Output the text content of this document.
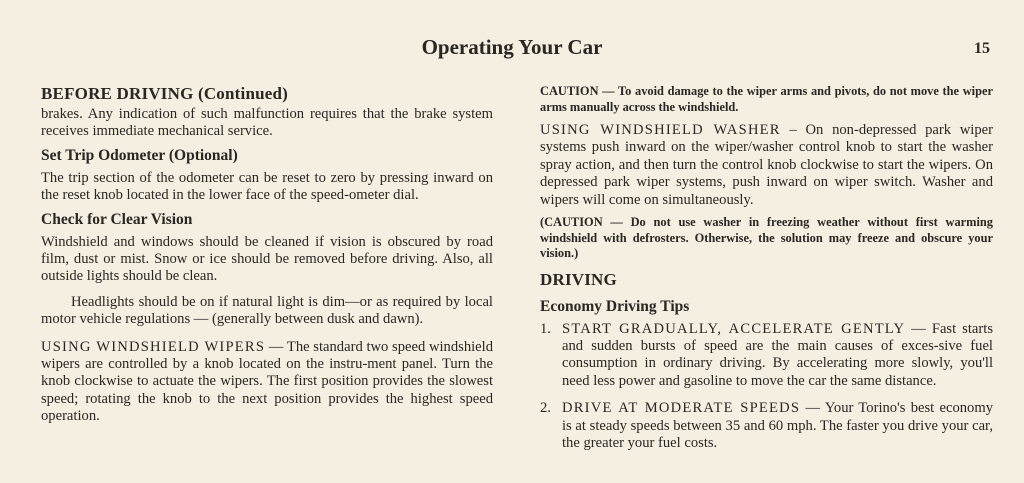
Operating Your Car	15
BEFORE DRIVING (Continued)

brakes. Any indication of such malfunction requires that the brake system receives immediate mechanical service.

Set Trip Odometer (Optional)

The trip section of the odometer can be reset to zero by pressing inward on the reset knob located in the lower face of the speed-ometer dial.

Check for Clear Vision

Windshield and windows should be cleaned if vision is obscured by road film, dust or mist. Snow or ice should be removed before driving. Also, all outside lights should be clean.

Headlights should be on if natural light is dim—or as required by local motor vehicle regulations — (generally between dusk and dawn).

USING WINDSHIELD WIPERS — The standard two speed windshield wipers are controlled by a knob located on the instru-ment panel. Turn the knob clockwise to actuate the wipers. The first position provides the slowest speed; rotating the knob to the next position provides the highest speed operation.

CAUTION — To avoid damage to the wiper arms and pivots, do not move the wiper arms manually across the windshield.

USING WINDSHIELD WASHER – On non-depressed park wiper systems push inward on the wiper/washer control knob to start the washer spray action, and then turn the control knob clockwise to start the wipers. On depressed park wiper systems, push inward on wiper switch. Washer and wipers will come on simultaneously.

(CAUTION — Do not use washer in freezing weather without first warming windshield with defrosters. Otherwise, the solution may freeze and obscure your vision.)

DRIVING
Economy Driving Tips
1. START GRADUALLY, ACCELERATE GENTLY — Fast starts and sudden bursts of speed are the main causes of exces-sive fuel consumption in ordinary driving. By accelerating more slowly, you'll need less power and gasoline to move the car the same distance.
2. DRIVE AT MODERATE SPEEDS — Your Torino's best economy is at steady speeds between 35 and 60 mph. The faster you drive your car, the greater your fuel costs.
